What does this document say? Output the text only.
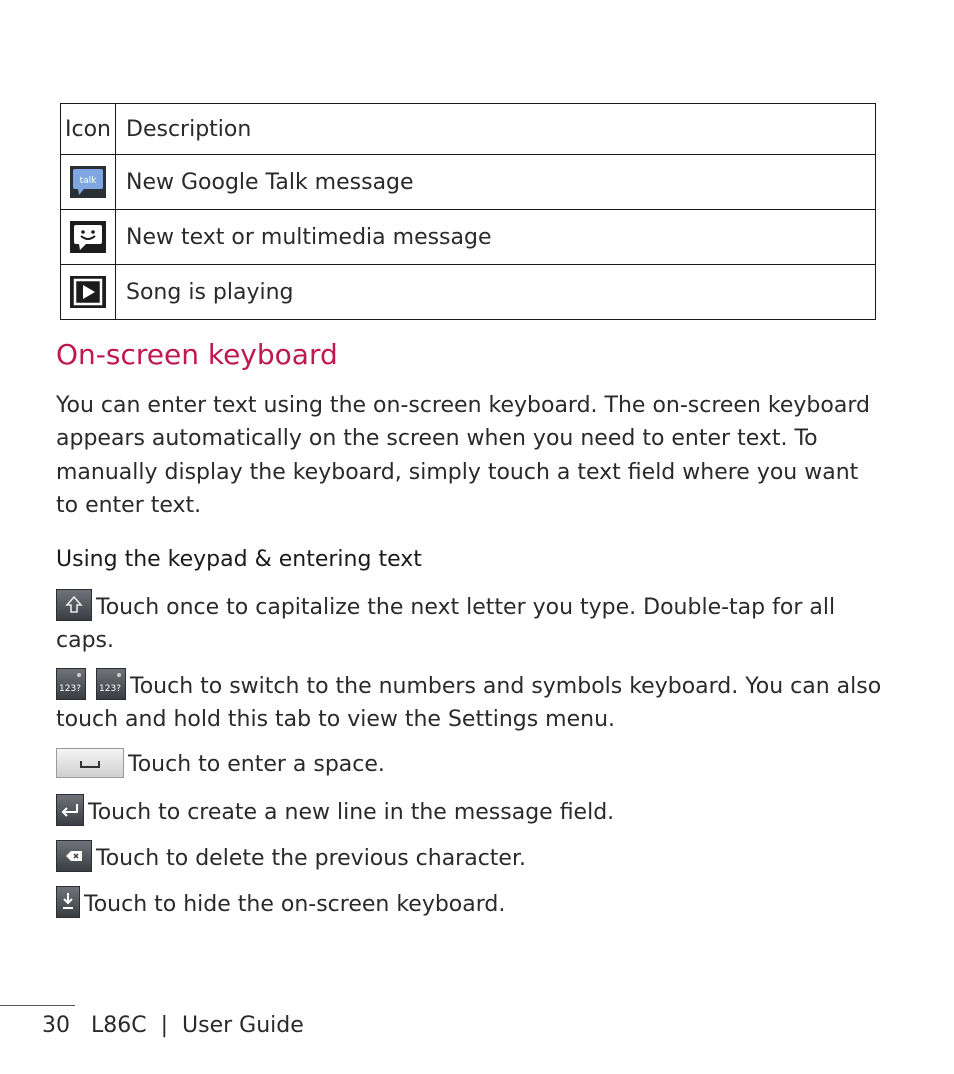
Icon	Description

talk	New Google Talk message
	New text or multimedia message
	Song is playing
On-screen keyboard

You can enter text using the on-screen keyboard. The on-screen keyboard appears automatically on the screen when you need to enter text. To manually display the keyboard, simply touch a text field where you want to enter text.

Using the keypad & entering text

Touch once to capitalize the next letter you type. Double-tap for all caps.

123? 123? Touch to switch to the numbers and symbols keyboard. You can also touch and hold this tab to view the Settings menu.

Touch to enter a space.

Touch to create a new line in the message field.

Touch to delete the previous character.

Touch to hide the on-screen keyboard.

30 L86C | User Guide
